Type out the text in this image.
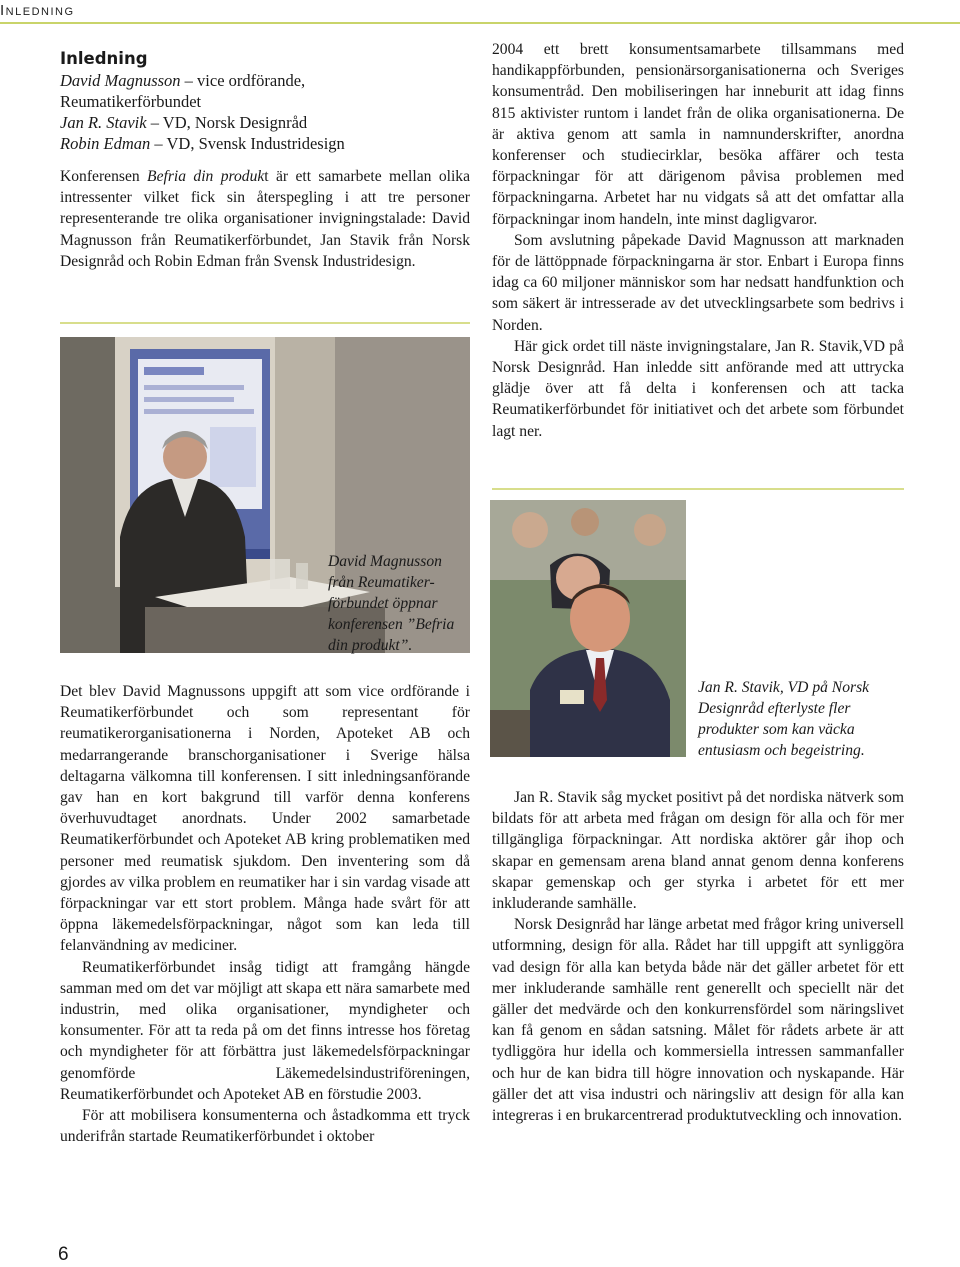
Inledning
Inledning
David Magnusson – vice ordförande,
Reumatikerförbundet
Jan R. Stavik – VD, Norsk Designråd
Robin Edman – VD, Svensk Industridesign

Konferensen Befria din produkt är ett samarbete mellan olika intressenter vilket fick sin återspegling i att tre personer representerande tre olika organisationer invigningstalade: David Magnusson från Reumatikerförbundet, Jan Stavik från Norsk Designråd och Robin Edman från Svensk Industridesign.

David Magnusson från Reumatiker-förbundet öppnar konferensen ”Befria din produkt”.

Det blev David Magnussons uppgift att som vice ordförande i Reumatikerförbundet och som representant för reumatikerorganisationerna i Norden, Apoteket AB och medarrangerande branschorganisationer i Sverige hälsa deltagarna välkomna till konferensen. I sitt inledningsanförande gav han en kort bakgrund till varför denna konferens överhuvudtaget anordnats. Under 2002 samarbetade Reumatikerförbundet och Apoteket AB kring problematiken med personer med reumatisk sjukdom. Den inventering som då gjordes av vilka problem en reumatiker har i sin vardag visade att förpackningar var ett stort problem. Många hade svårt för att öppna läkemedelsförpackningar, något som kan leda till felanvändning av mediciner.

Reumatikerförbundet insåg tidigt att framgång hängde samman med om det var möjligt att skapa ett nära samarbete med industrin, med olika organisationer, myndigheter och konsumenter. För att ta reda på om det finns intresse hos företag och myndigheter för att förbättra just läkemedelsförpackningar genomförde Läkemedelsindustriföreningen, Reumatikerförbundet och Apoteket AB en förstudie 2003.

För att mobilisera konsumenterna och åstadkomma ett tryck underifrån startade Reumatikerförbundet i oktober

2004 ett brett konsumentsamarbete tillsammans med handikappförbunden, pensionärsorganisationerna och Sveriges konsumentråd. Den mobiliseringen har inneburit att idag finns 815 aktivister runtom i landet från de olika organisationerna. De är aktiva genom att samla in namnunderskrifter, anordna konferenser och studiecirklar, besöka affärer och testa förpackningar för att därigenom påvisa problemen med förpackningarna. Arbetet har nu vidgats så att det omfattar alla förpackningar inom handeln, inte minst dagligvaror.

Som avslutning påpekade David Magnusson att marknaden för de lättöppnade förpackningarna är stor. Enbart i Europa finns idag ca 60 miljoner människor som har nedsatt handfunktion och som säkert är intresserade av det utvecklingsarbete som bedrivs i Norden.

Här gick ordet till näste invigningstalare, Jan R. Stavik,VD på Norsk Designråd. Han inledde sitt anförande med att uttrycka glädje över att få delta i konferensen och att tacka Reumatikerförbundet för initiativet och det arbete som förbundet lagt ner.

Jan R. Stavik, VD på Norsk Designråd efterlyste fler produkter som kan väcka entusiasm och begeistring.

Jan R. Stavik såg mycket positivt på det nordiska nätverk som bildats för att arbeta med frågan om design för alla och för mer tillgängliga förpackningar. Att nordiska aktörer går ihop och skapar en gemensam arena bland annat genom denna konferens skapar gemenskap och ger styrka i arbetet för ett mer inkluderande samhälle.

Norsk Designråd har länge arbetat med frågor kring universell utformning, design för alla. Rådet har till uppgift att synliggöra vad design för alla kan betyda både när det gäller arbetet för ett mer inkluderande samhälle rent generellt och speciellt när det gäller det medvärde och den konkurrensfördel som näringslivet kan få genom en sådan satsning. Målet för rådets arbete är att tydliggöra hur idella och kommersiella intressen sammanfaller och hur de kan bidra till högre innovation och nyskapande. Här gäller det att visa industri och näringsliv att design för alla kan integreras i en brukarcentrerad produktutveckling och innovation.

6
